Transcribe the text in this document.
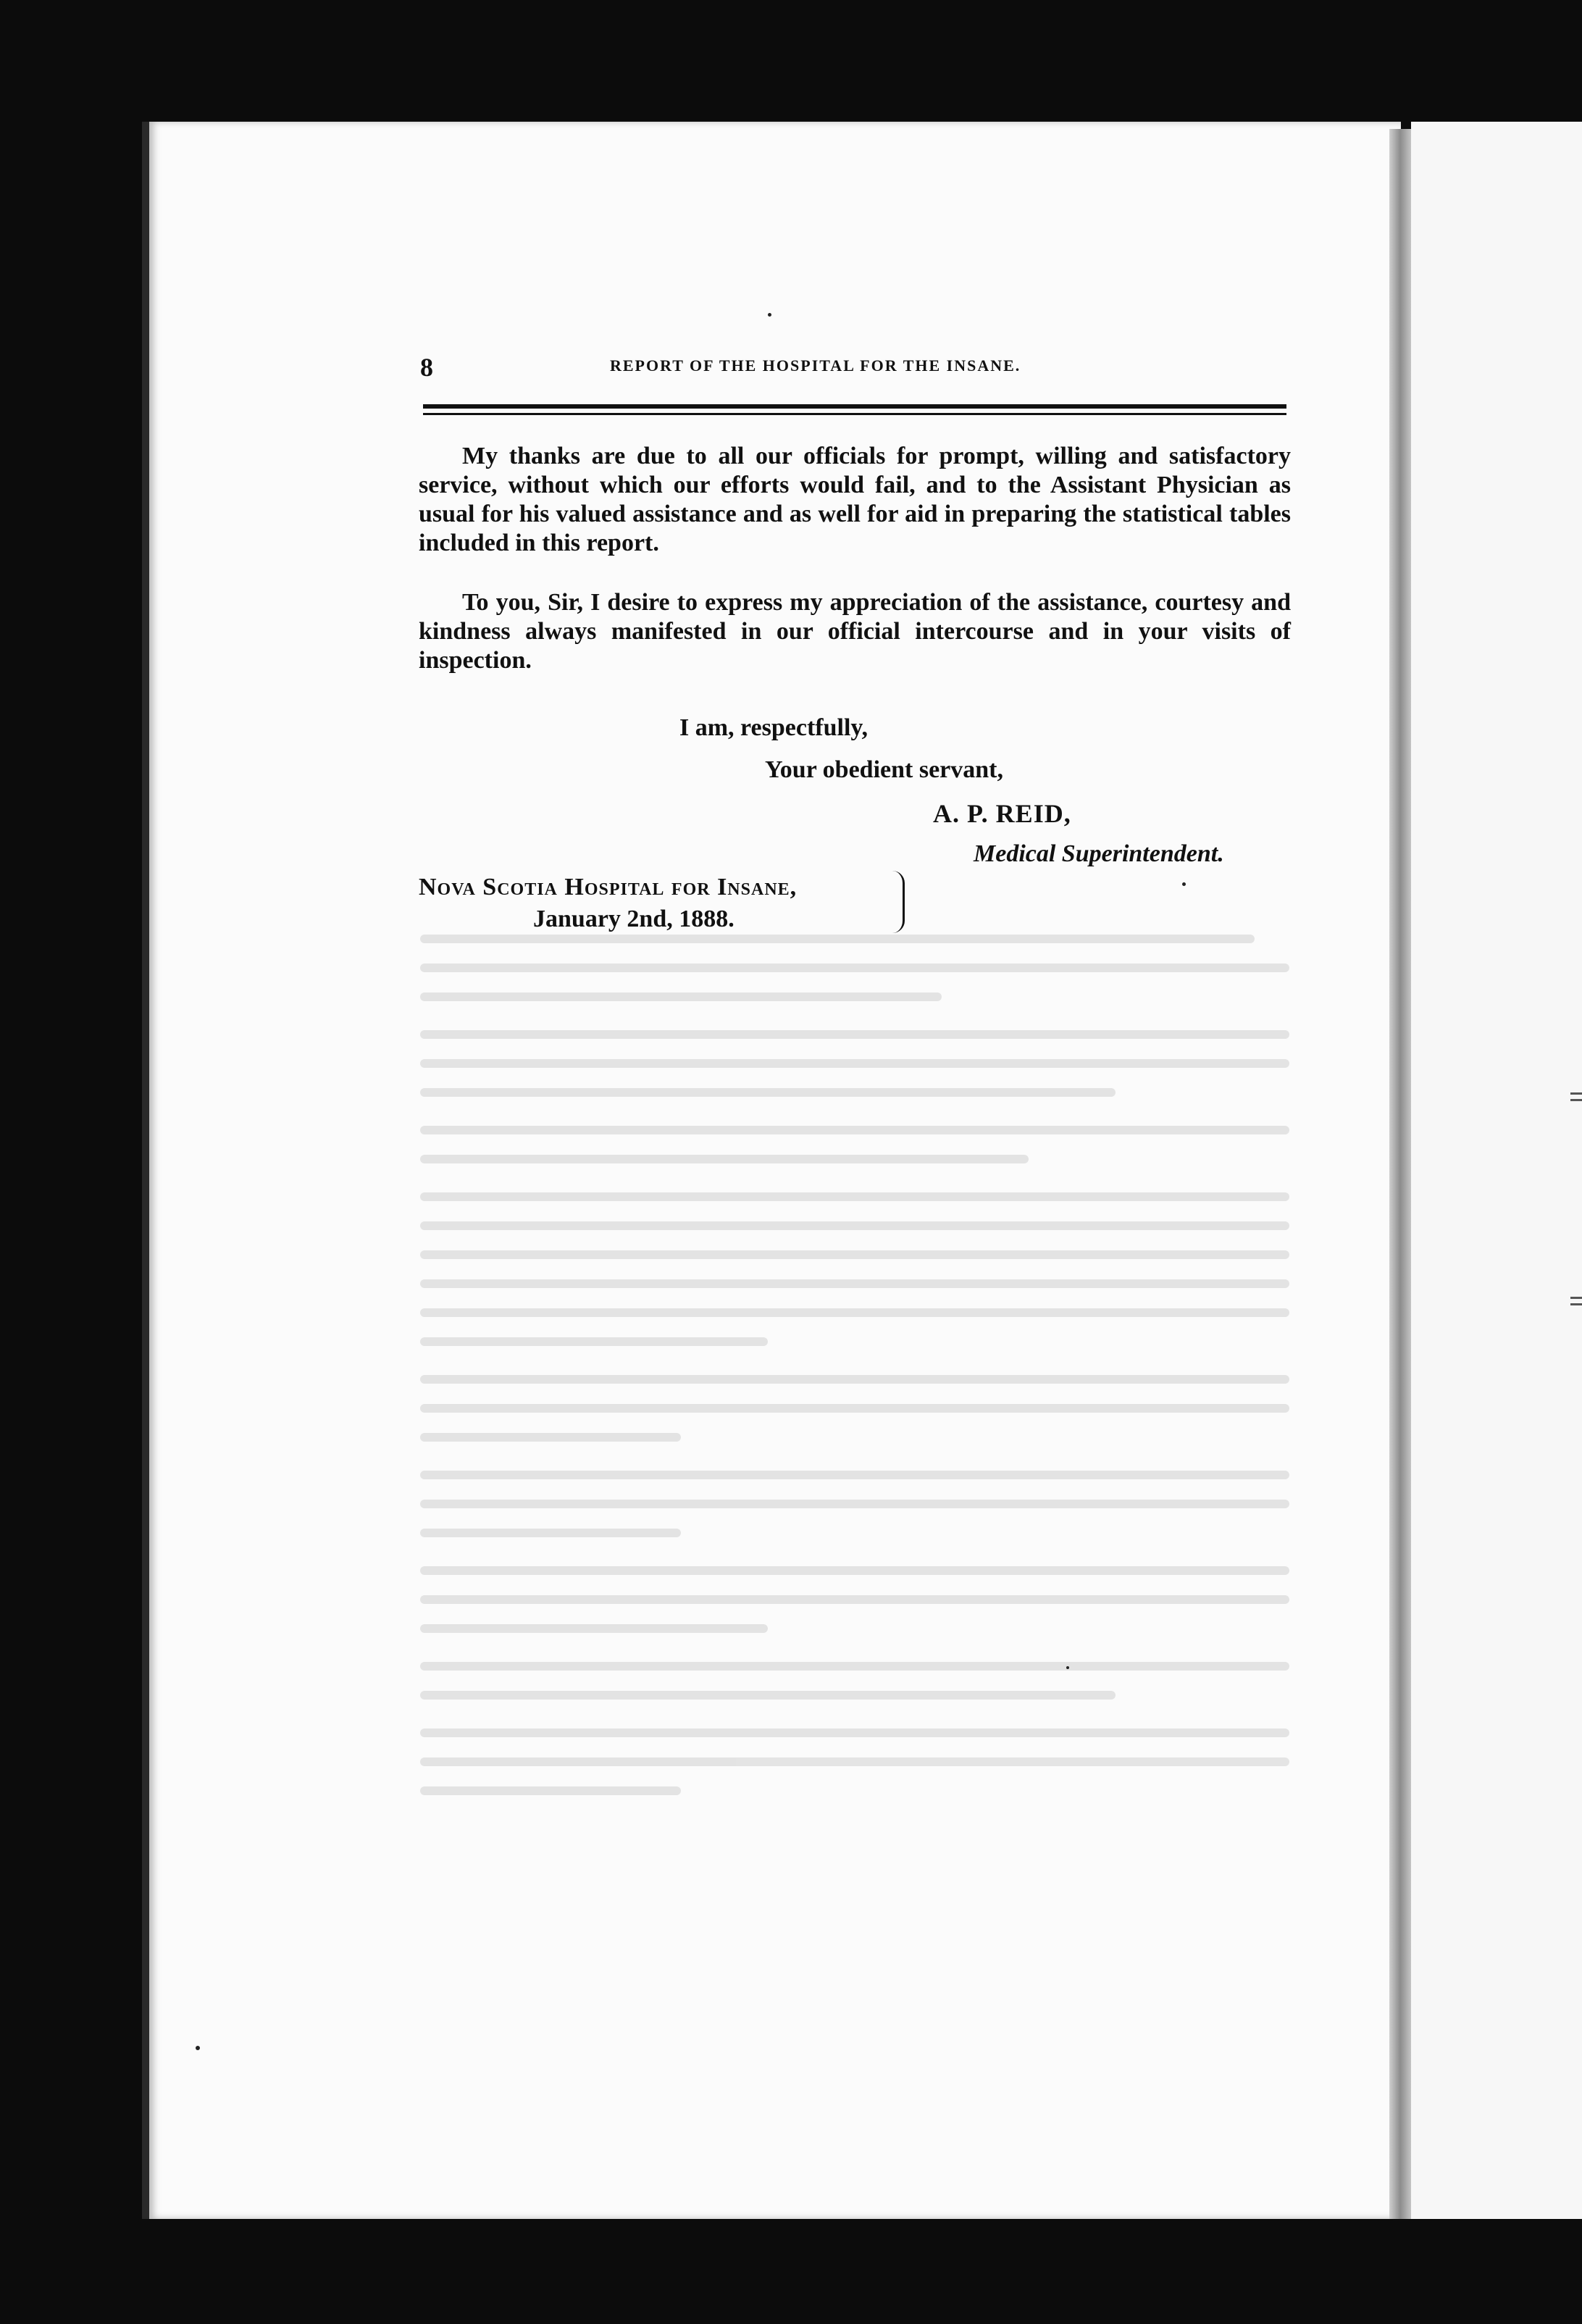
8	REPORT OF THE HOSPITAL FOR THE INSANE.

My thanks are due to all our officials for prompt, willing and satisfactory service, without which our efforts would fail, and to the Assistant Physician as usual for his valued assistance and as well for aid in preparing the statistical tables included in this report.

To you, Sir, I desire to express my appreciation of the assistance, courtesy and kindness always manifested in our official intercourse and in your visits of inspection.

I am, respectfully,
Your obedient servant,
A. P. REID,
Medical Superintendent.
Nova Scotia Hospital for Insane,
January 2nd, 1888.
